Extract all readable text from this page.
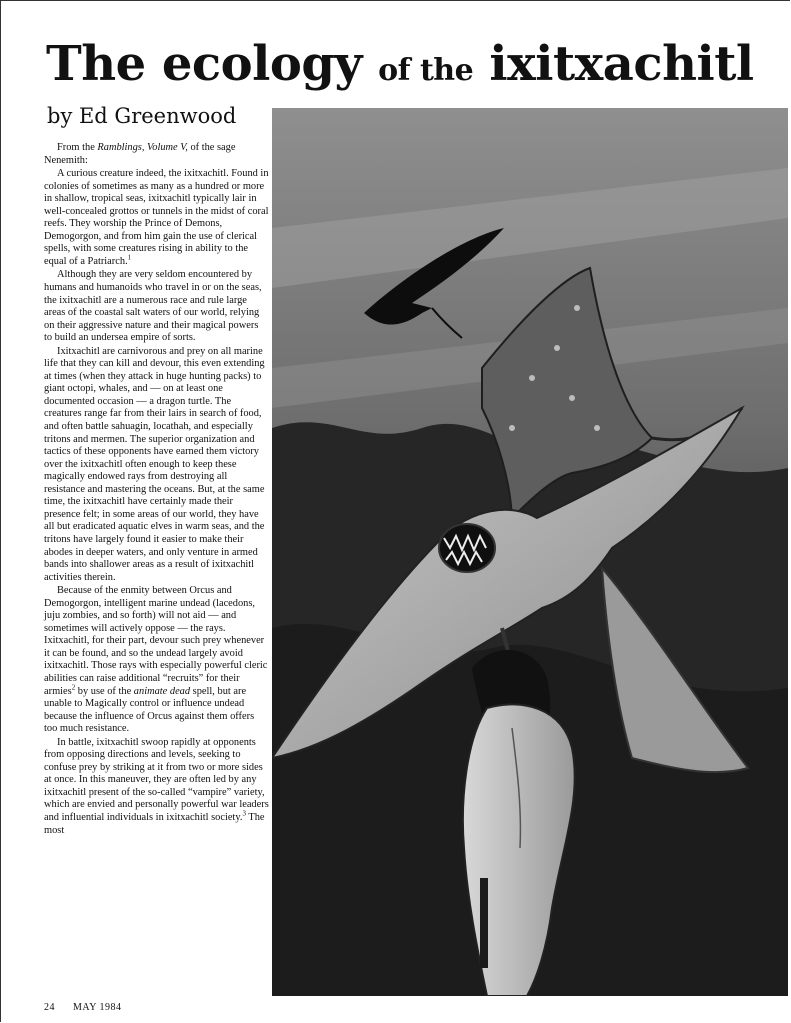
The ecology of the ixitxachitl
by Ed Greenwood

From the Ramblings, Volume V, of the sage Nenemith:

A curious creature indeed, the ixitxachitl. Found in colonies of sometimes as many as a hundred or more in shallow, tropical seas, ixitxachitl typically lair in well-concealed grottos or tunnels in the midst of coral reefs. They worship the Prince of Demons, Demogorgon, and from him gain the use of clerical spells, with some creatures rising in ability to the equal of a Patriarch.$^1$

Although they are very seldom encountered by humans and humanoids who travel in or on the seas, the ixitxachitl are a numerous race and rule large areas of the coastal salt waters of our world, relying on their aggressive nature and their magical powers to build an undersea empire of sorts.

Ixitxachitl are carnivorous and prey on all marine life that they can kill and devour, this even extending at times (when they attack in huge hunting packs) to giant octopi, whales, and — on at least one documented occasion — a dragon turtle. The creatures range far from their lairs in search of food, and often battle sahuagin, locathah, and especially tritons and mermen. The superior organization and tactics of these opponents have earned them victory over the ixitxachitl often enough to keep these magically endowed rays from destroying all resistance and mastering the oceans. But, at the same time, the ixitxachitl have certainly made their presence felt; in some areas of our world, they have all but eradicated aquatic elves in warm seas, and the tritons have largely found it easier to make their abodes in deeper waters, and only venture in armed bands into shallower areas as a result of ixitxachitl activities therein.

Because of the enmity between Orcus and Demogorgon, intelligent marine undead (lacedons, juju zombies, and so forth) will not aid — and sometimes will actively oppose — the rays. Ixitxachitl, for their part, devour such prey whenever it can be found, and so the undead largely avoid ixitxachitl. Those rays with especially powerful cleric abilities can raise additional “recruits” for their armies$^2$ by use of the animate dead spell, but are unable to Magically control or influence undead because the influence of Orcus against them offers too much resistance.

In battle, ixitxachitl swoop rapidly at opponents from opposing directions and levels, seeking to confuse prey by striking at it from two or more sides at once. In this maneuver, they are often led by any ixitxachitl present of the so-called “vampire” variety, which are envied and personally powerful war leaders and influential individuals in ixitxachitl society.$^3$ The most

24 MAY 1984
